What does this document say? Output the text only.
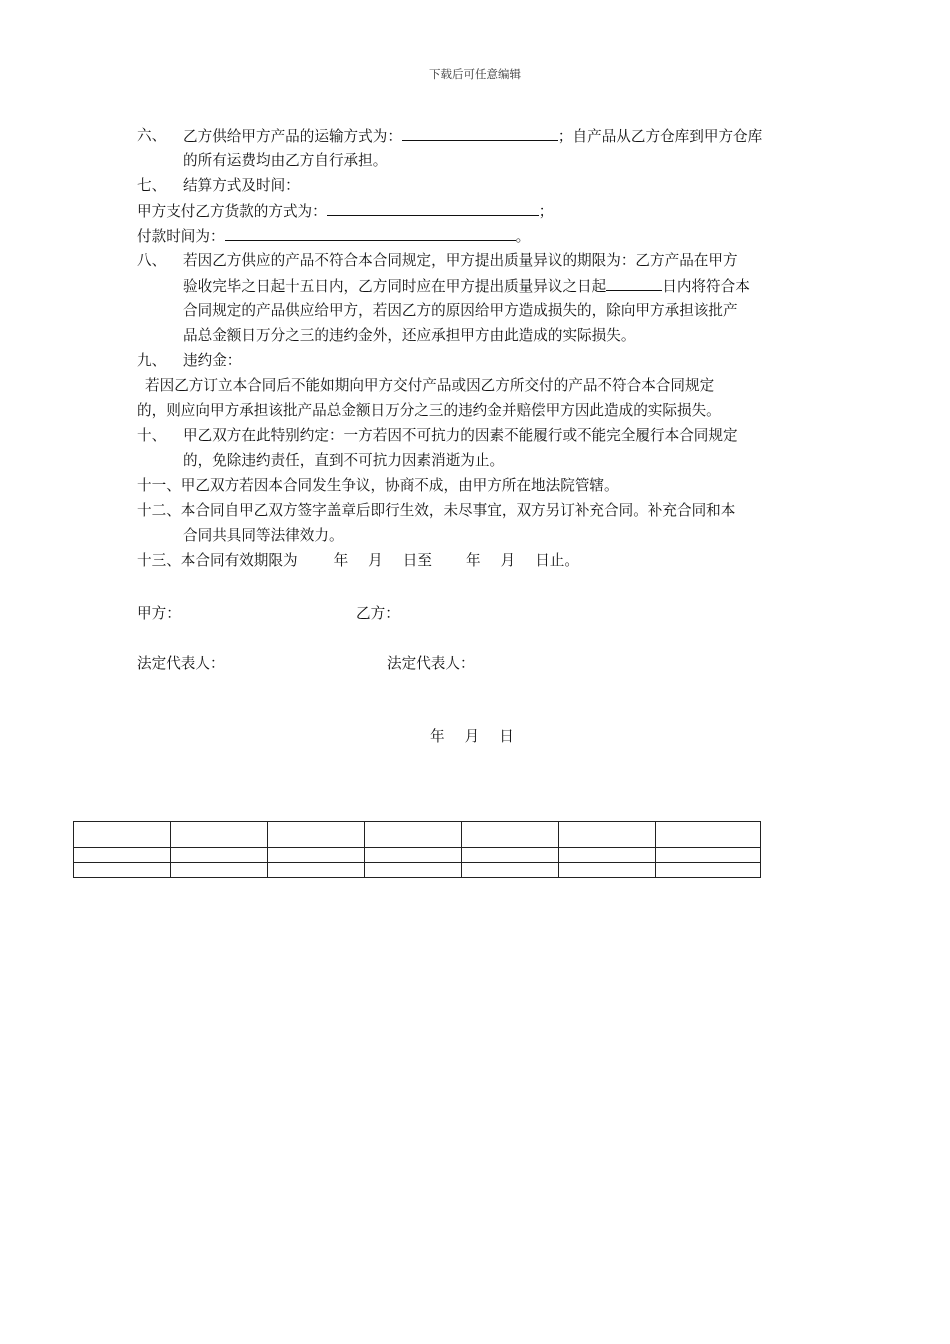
下载后可任意编辑
六、 乙方供给甲方产品的运输方式为：	；自产品从乙方仓库到甲方仓库
的所有运费均由乙方自行承担。
七、 结算方式及时间：
甲方支付乙方货款的方式为：	；
付款时间为：	。
八、 若因乙方供应的产品不符合本合同规定，甲方提出质量异议的期限为：乙方产品在甲方
验收完毕之日起十五日内，乙方同时应在甲方提出质量异议之日起	日内将符合本
合同规定的产品供应给甲方，若因乙方的原因给甲方造成损失的，除向甲方承担该批产
品总金额日万分之三的违约金外，还应承担甲方由此造成的实际损失。
九、 违约金：
若因乙方订立本合同后不能如期向甲方交付产品或因乙方所交付的产品不符合本合同规定
的，则应向甲方承担该批产品总金额日万分之三的违约金并赔偿甲方因此造成的实际损失。
十、 甲乙双方在此特别约定：一方若因不可抗力的因素不能履行或不能完全履行本合同规定
的，免除违约责任，直到不可抗力因素消逝为止。
十一、甲乙双方若因本合同发生争议，协商不成，由甲方所在地法院管辖。
十二、本合同自甲乙双方签字盖章后即行生效，未尽事宜，双方另订补充合同。补充合同和本
合同共具同等法律效力。
十三、本合同有效期限为 年 月 日至 年 月 日止。
甲方：	乙方：
法定代表人：	法定代表人：
年 月 日
